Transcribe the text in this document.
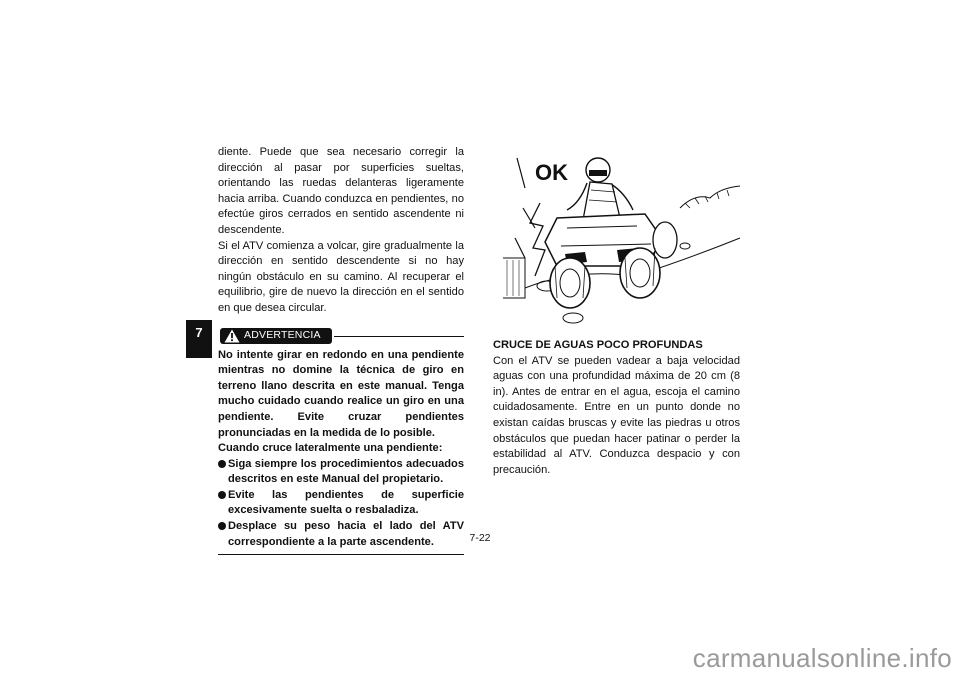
7

diente. Puede que sea necesario corregir la dirección al pasar por superficies sueltas, orientando las ruedas delanteras ligeramente hacia arriba. Cuando conduzca en pendientes, no efectúe giros cerrados en sentido ascendente ni descendente.

Si el ATV comienza a volcar, gire gradualmente la dirección en sentido descendente si no hay ningún obstáculo en su camino. Al recuperar el equilibrio, gire de nuevo la dirección en el sentido en que desea circular.

ADVERTENCIA

No intente girar en redondo en una pendiente mientras no domine la técnica de giro en terreno llano descrita en este manual. Tenga mucho cuidado cuando realice un giro en una pendiente. Evite cruzar pendientes pronunciadas en la medida de lo posible.

Cuando cruce lateralmente una pendiente:

Siga siempre los procedimientos adecuados descritos en este Manual del propietario.
Evite las pendientes de superficie excesivamente suelta o resbaladiza.
Desplace su peso hacia el lado del ATV correspondiente a la parte ascendente.
OK

CRUCE DE AGUAS POCO PROFUNDAS

Con el ATV se pueden vadear a baja velocidad aguas con una profundidad máxima de 20 cm (8 in). Antes de entrar en el agua, escoja el camino cuidadosamente. Entre en un punto donde no existan caídas bruscas y evite las piedras u otros obstáculos que puedan hacer patinar o perder la estabilidad al ATV. Conduzca despacio y con precaución.

7-22
carmanualsonline.info
